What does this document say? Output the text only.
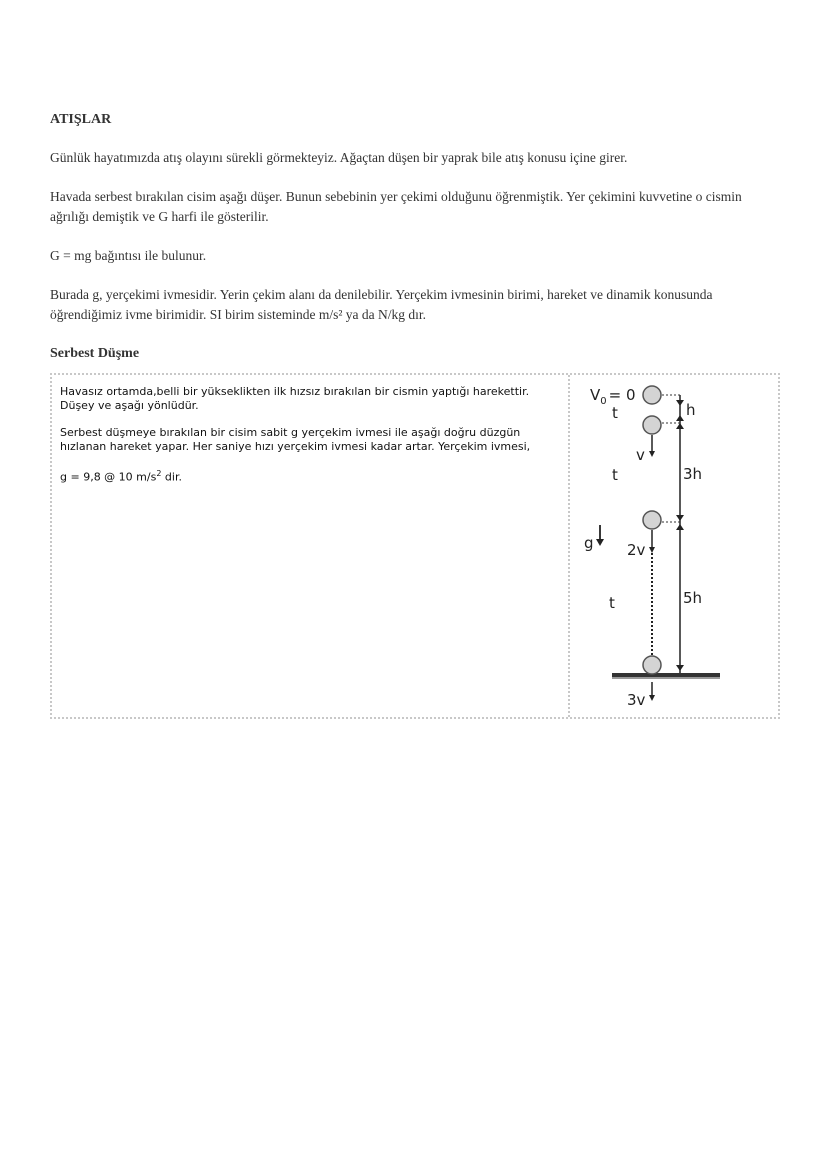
ATIŞLAR

Günlük hayatımızda atış olayını sürekli görmekteyiz. Ağaçtan düşen bir yaprak bile atış konusu içine girer.

Havada serbest bırakılan cisim aşağı düşer. Bunun sebebinin yer çekimi olduğunu öğrenmiştik. Yer çekimini kuvvetine o cismin ağrılığı demiştik ve G harfi ile gösterilir.

G = mg bağıntısı ile bulunur.

Burada g, yerçekimi ivmesidir. Yerin çekim alanı da denilebilir. Yerçekim ivmesinin birimi, hareket ve dinamik konusunda öğrendiğimiz ivme birimidir. SI birim sisteminde m/s² ya da N/kg dır.

Serbest Düşme

Havasız ortamda,belli bir yükseklikten ilk hızsız bırakılan bir cismin yaptığı harekettir. Düşey ve aşağı yönlüdür.

Serbest düşmeye bırakılan bir cisim sabit g yerçekim ivmesi ile aşağı doğru düzgün hızlanan hareket yapar. Her saniye hızı yerçekim ivmesi kadar artar. Yerçekim ivmesi,

g = 9,8 @ 10 $m/s^2$ dir.

$V_0 = 0$
t
t
t
h
3h
5h
g
v
2v
3v
